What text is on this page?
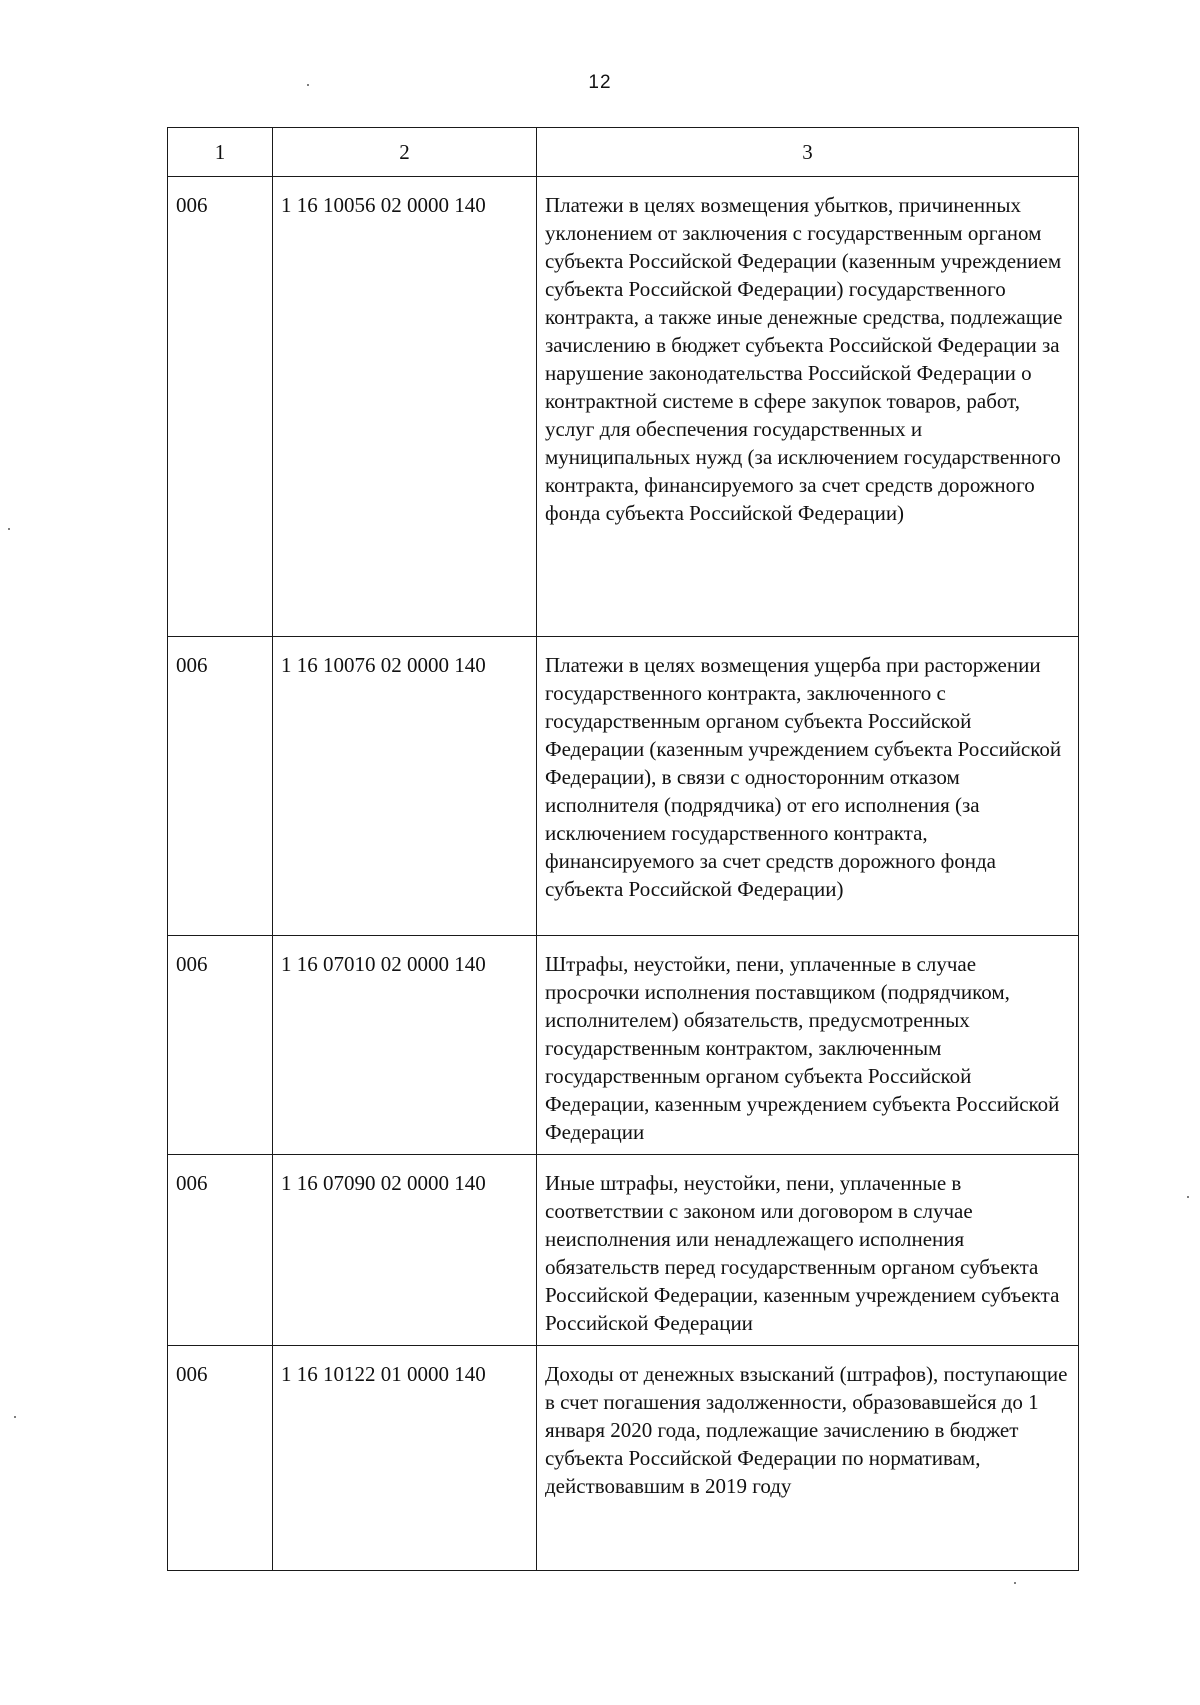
12
1	2	3
006	1 16 10056 02 0000 140	Платежи в целях возмещения убытков, причиненных уклонением от заключения с государственным органом субъекта Российской Федерации (казенным учреждением субъекта Российской Федерации) государственного контракта, а также иные денежные средства, подлежащие зачислению в бюджет субъекта Российской Федерации за нарушение законодательства Российской Федерации о контрактной системе в сфере закупок товаров, работ, услуг для обеспечения государственных и муниципальных нужд (за исключением государственного контракта, финансируемого за счет средств дорожного фонда субъекта Российской Федерации)
006	1 16 10076 02 0000 140	Платежи в целях возмещения ущерба при расторжении государственного контракта, заключенного с государственным органом субъекта Российской Федерации (казенным учреждением субъекта Российской Федерации), в связи с односторонним отказом исполнителя (подрядчика) от его исполнения (за исключением государственного контракта, финансируемого за счет средств дорожного фонда субъекта Российской Федерации)
006	1 16 07010 02 0000 140	Штрафы, неустойки, пени, уплаченные в случае просрочки исполнения поставщиком (подрядчиком, исполнителем) обязательств, предусмотренных государственным контрактом, заключенным государственным органом субъекта Российской Федерации, казенным учреждением субъекта Российской Федерации
006	1 16 07090 02 0000 140	Иные штрафы, неустойки, пени, уплаченные в соответствии с законом или договором в случае неисполнения или ненадлежащего исполнения обязательств перед государственным органом субъекта Российской Федерации, казенным учреждением субъекта Российской Федерации
006	1 16 10122 01 0000 140	Доходы от денежных взысканий (штрафов), поступающие в счет погашения задолженности, образовавшейся до 1 января 2020 года, подлежащие зачислению в бюджет субъекта Российской Федерации по нормативам, действовавшим в 2019 году
